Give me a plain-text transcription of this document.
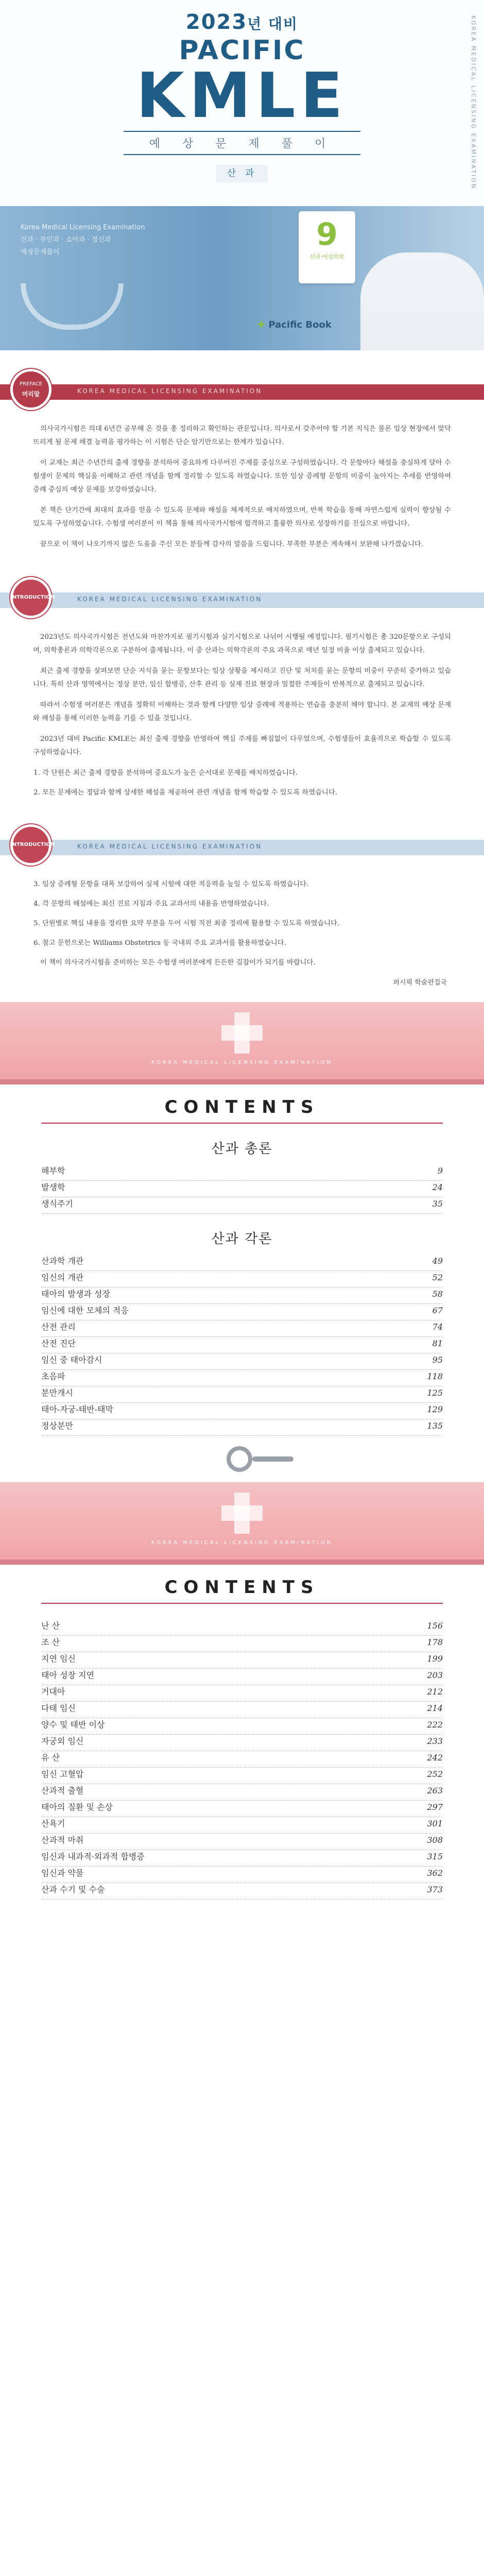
2023년 대비
PACIFIC
KMLE
예 상 문 제 풀 이
산 과	KOREA MEDICAL LICENSING EXAMINATION
Korea Medical Licensing Examination
산과 · 부인과 · 소아과 · 정신과
예상문제풀이	9
산과·여성의학
✚ Pacific Book
KOREA MEDICAL LICENSING EXAMINATION
PREFACE
머리말

의사국가시험은 의대 6년간 공부해 온 것을 총 정리하고 확인하는 관문입니다. 의사로서 갖추어야 할 기본 지식은 물론 임상 현장에서 맞닥뜨리게 될 문제 해결 능력을 평가하는 이 시험은 단순 암기만으로는 한계가 있습니다.

이 교재는 최근 수년간의 출제 경향을 분석하여 중요하게 다루어진 주제를 중심으로 구성하였습니다. 각 문항마다 해설을 충실하게 달아 수험생이 문제의 핵심을 이해하고 관련 개념을 함께 정리할 수 있도록 하였습니다. 또한 임상 증례형 문항의 비중이 높아지는 추세를 반영하여 증례 중심의 예상 문제를 보강하였습니다.

본 책은 단기간에 최대의 효과를 얻을 수 있도록 문제와 해설을 체계적으로 배치하였으며, 반복 학습을 통해 자연스럽게 실력이 향상될 수 있도록 구성하였습니다. 수험생 여러분이 이 책을 통해 의사국가시험에 합격하고 훌륭한 의사로 성장하기를 진심으로 바랍니다.

끝으로 이 책이 나오기까지 많은 도움을 주신 모든 분들께 감사의 말씀을 드립니다. 부족한 부분은 계속해서 보완해 나가겠습니다.

KOREA MEDICAL LICENSING EXAMINATION
INTRODUCTION

2023년도 의사국가시험은 전년도와 마찬가지로 필기시험과 실기시험으로 나뉘어 시행될 예정입니다. 필기시험은 총 320문항으로 구성되며, 의학총론과 의학각론으로 구분하여 출제됩니다. 이 중 산과는 의학각론의 주요 과목으로 매년 일정 비율 이상 출제되고 있습니다.

최근 출제 경향을 살펴보면 단순 지식을 묻는 문항보다는 임상 상황을 제시하고 진단 및 처치를 묻는 문항의 비중이 꾸준히 증가하고 있습니다. 특히 산과 영역에서는 정상 분만, 임신 합병증, 산후 관리 등 실제 진료 현장과 밀접한 주제들이 반복적으로 출제되고 있습니다.

따라서 수험생 여러분은 개념을 정확히 이해하는 것과 함께 다양한 임상 증례에 적용하는 연습을 충분히 해야 합니다. 본 교재의 예상 문제와 해설을 통해 이러한 능력을 기를 수 있을 것입니다.

2023년 대비 Pacific KMLE는 최신 출제 경향을 반영하여 핵심 주제를 빠짐없이 다루었으며, 수험생들이 효율적으로 학습할 수 있도록 구성하였습니다.

1. 각 단원은 최근 출제 경향을 분석하여 중요도가 높은 순서대로 문제를 배치하였습니다.
2. 모든 문제에는 정답과 함께 상세한 해설을 제공하여 관련 개념을 함께 학습할 수 있도록 하였습니다.
KOREA MEDICAL LICENSING EXAMINATION
INTRODUCTION
3. 임상 증례형 문항을 대폭 보강하여 실제 시험에 대한 적응력을 높일 수 있도록 하였습니다.
4. 각 문항의 해설에는 최신 진료 지침과 주요 교과서의 내용을 반영하였습니다.
5. 단원별로 핵심 내용을 정리한 요약 부분을 두어 시험 직전 최종 정리에 활용할 수 있도록 하였습니다.
6. 참고 문헌으로는 Williams Obstetrics 등 국내외 주요 교과서를 활용하였습니다.

이 책이 의사국가시험을 준비하는 모든 수험생 여러분에게 든든한 길잡이가 되기를 바랍니다.

퍼시픽 학술편집국
KOREA MEDICAL LICENSING EXAMINATION
CONTENTS
산과 총론
해부학	9
발생학	24
생식주기	35
산과 각론
산과학 개관	49
임신의 개관	52
태아의 발생과 성장	58
임신에 대한 모체의 적응	67
산전 관리	74
산전 진단	81
임신 중 태아감시	95
초음파	118
분만개시	125
태아-자궁-태반-태막	129
정상분만	135
KOREA MEDICAL LICENSING EXAMINATION
CONTENTS
난 산	156
조 산	178
지연 임신	199
태아 성장 지연	203
거대아	212
다태 임신	214
양수 및 태반 이상	222
자궁외 임신	233
유 산	242
임신 고혈압	252
산과적 출혈	263
태아의 질환 및 손상	297
산욕기	301
산과적 마취	308
임신과 내과적·외과적 합병증	315
임신과 약물	362
산과 수기 및 수술	373
